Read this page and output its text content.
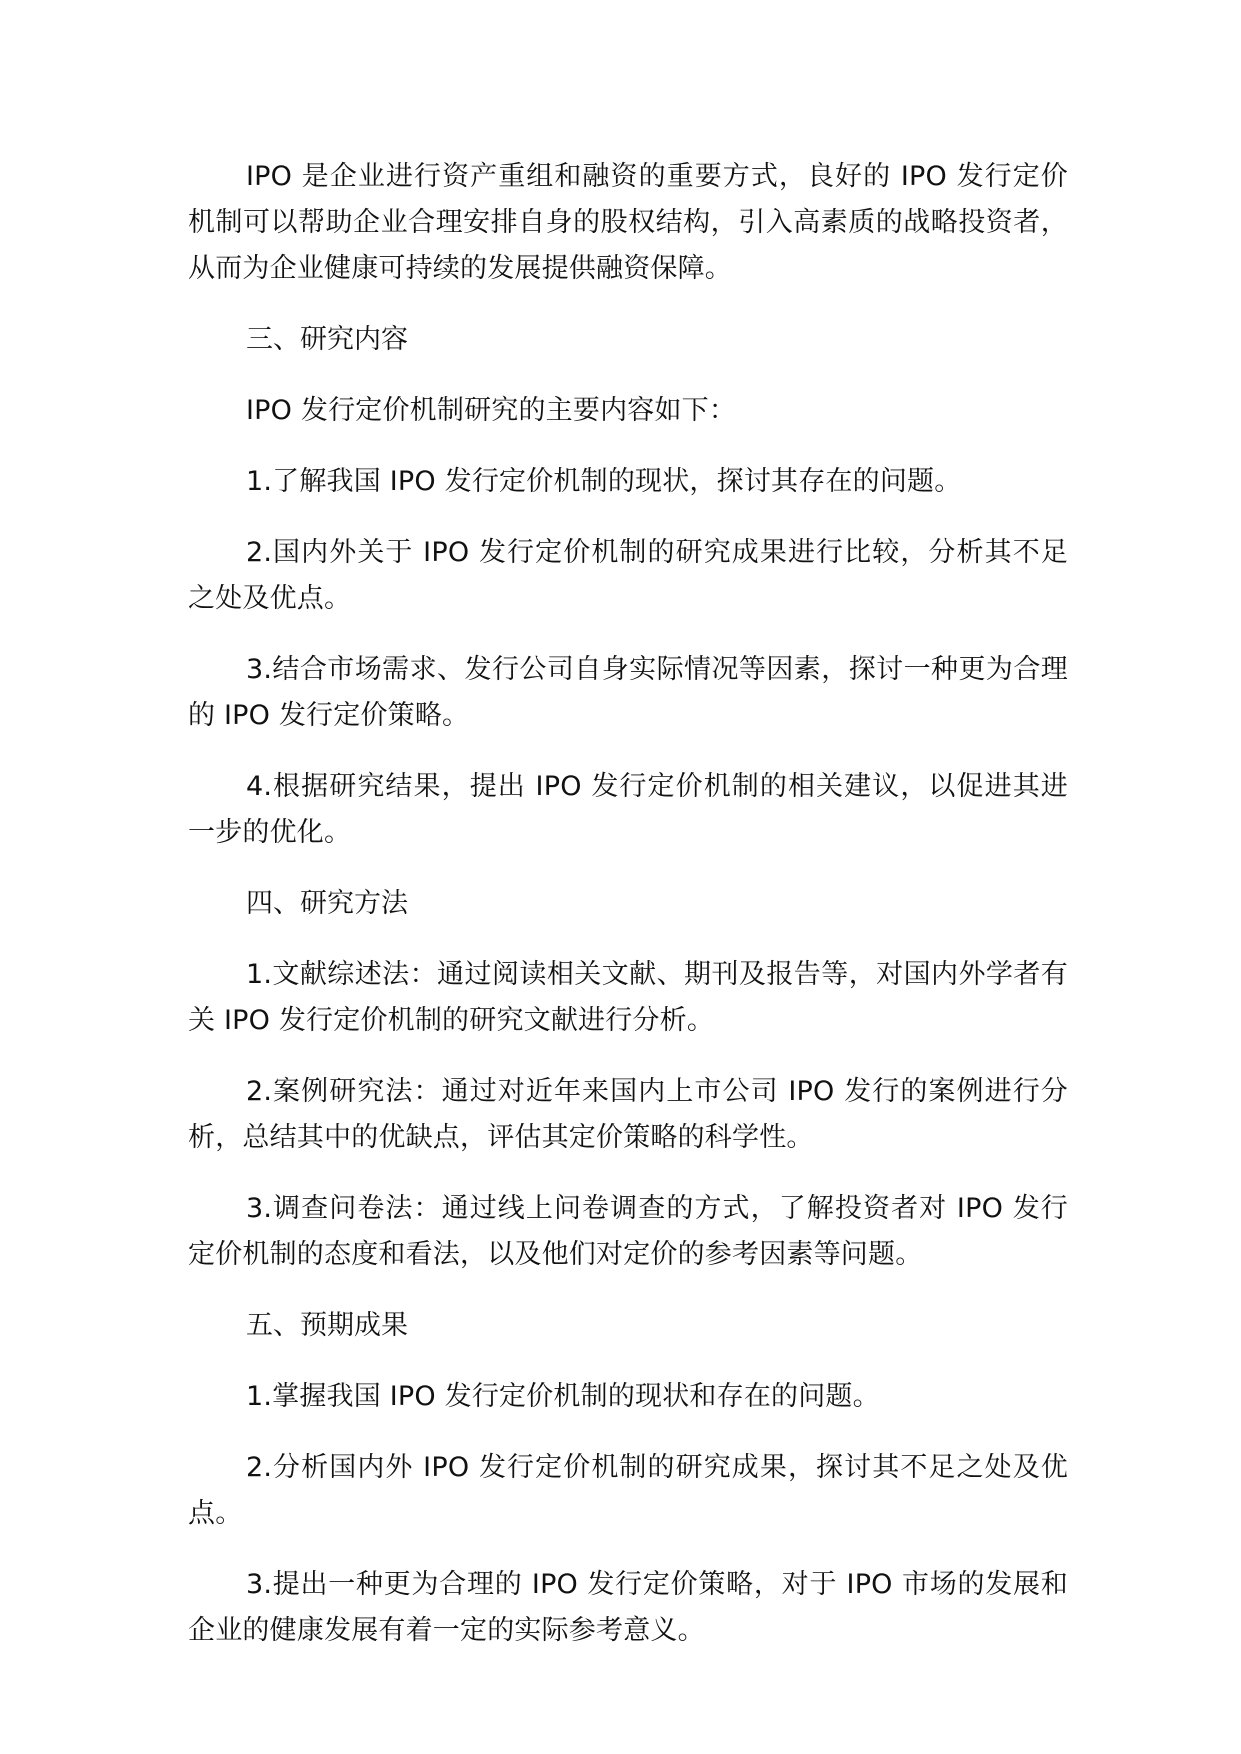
IPO 是企业进行资产重组和融资的重要方式，良好的 IPO 发行定价机制可以帮助企业合理安排自身的股权结构，引入高素质的战略投资者，从而为企业健康可持续的发展提供融资保障。

三、研究内容

IPO 发行定价机制研究的主要内容如下：

1.了解我国 IPO 发行定价机制的现状，探讨其存在的问题。

2.国内外关于 IPO 发行定价机制的研究成果进行比较，分析其不足之处及优点。

3.结合市场需求、发行公司自身实际情况等因素，探讨一种更为合理的 IPO 发行定价策略。

4.根据研究结果，提出 IPO 发行定价机制的相关建议，以促进其进一步的优化。

四、研究方法

1.文献综述法：通过阅读相关文献、期刊及报告等，对国内外学者有关 IPO 发行定价机制的研究文献进行分析。

2.案例研究法：通过对近年来国内上市公司 IPO 发行的案例进行分析，总结其中的优缺点，评估其定价策略的科学性。

3.调查问卷法：通过线上问卷调查的方式，了解投资者对 IPO 发行定价机制的态度和看法，以及他们对定价的参考因素等问题。

五、预期成果

1.掌握我国 IPO 发行定价机制的现状和存在的问题。

2.分析国内外 IPO 发行定价机制的研究成果，探讨其不足之处及优点。

3.提出一种更为合理的 IPO 发行定价策略，对于 IPO 市场的发展和企业的健康发展有着一定的实际参考意义。
